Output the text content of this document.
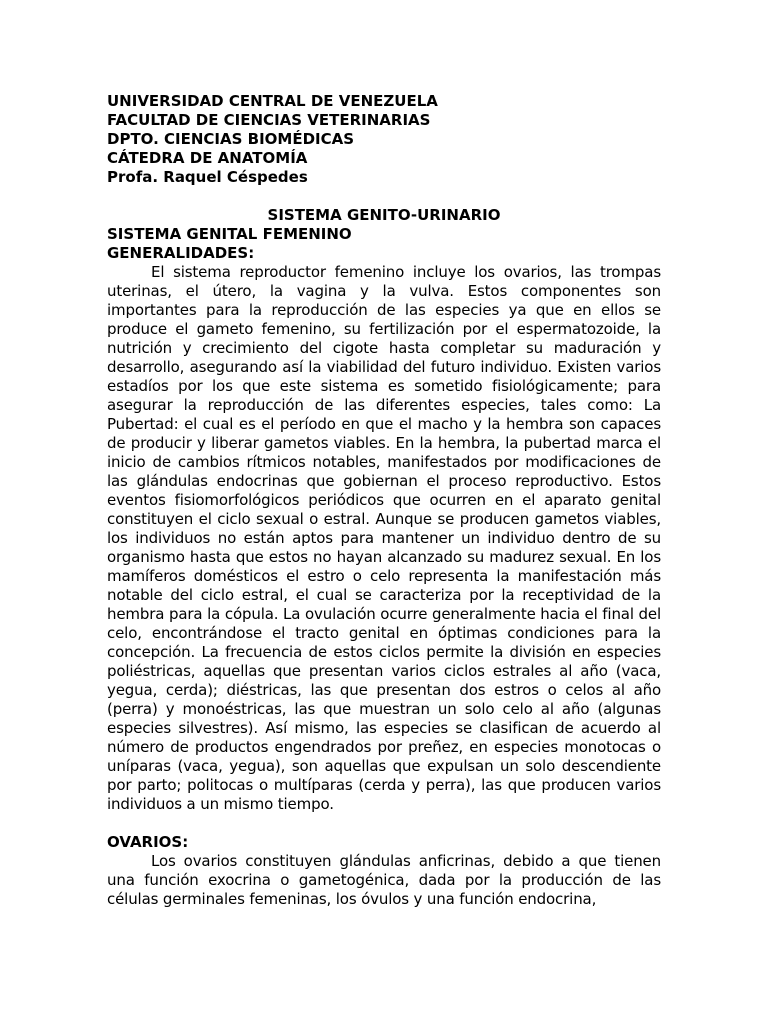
UNIVERSIDAD CENTRAL DE VENEZUELA

FACULTAD DE CIENCIAS VETERINARIAS

DPTO. CIENCIAS BIOMÉDICAS

CÁTEDRA DE ANATOMÍA

Profa. Raquel Céspedes

SISTEMA GENITO-URINARIO

SISTEMA GENITAL FEMENINO

GENERALIDADES:

El sistema reproductor femenino incluye los ovarios, las trompas uterinas, el útero, la vagina y la vulva. Estos componentes son importantes para la reproducción de las especies ya que en ellos se produce el gameto femenino, su fertilización por el espermatozoide, la nutrición y crecimiento del cigote hasta completar su maduración y desarrollo, asegurando así la viabilidad del futuro individuo. Existen varios estadíos por los que este sistema es sometido fisiológicamente; para asegurar la reproducción de las diferentes especies, tales como: La Pubertad: el cual es el período en que el macho y la hembra son capaces de producir y liberar gametos viables. En la hembra, la pubertad marca el inicio de cambios rítmicos notables, manifestados por modificaciones de las glándulas endocrinas que gobiernan el proceso reproductivo. Estos eventos fisiomorfológicos periódicos que ocurren en el aparato genital constituyen el ciclo sexual o estral. Aunque se producen gametos viables, los individuos no están aptos para mantener un individuo dentro de su organismo hasta que estos no hayan alcanzado su madurez sexual. En los mamíferos domésticos el estro o celo representa la manifestación más notable del ciclo estral, el cual se caracteriza por la receptividad de la hembra para la cópula. La ovulación ocurre generalmente hacia el final del celo, encontrándose el tracto genital en óptimas condiciones para la concepción. La frecuencia de estos ciclos permite la división en especies poliéstricas, aquellas que presentan varios ciclos estrales al año (vaca, yegua, cerda); diéstricas, las que presentan dos estros o celos al año (perra) y monoéstricas, las que muestran un solo celo al año (algunas especies silvestres). Así mismo, las especies se clasifican de acuerdo al número de productos engendrados por preñez, en especies monotocas o uníparas (vaca, yegua), son aquellas que expulsan un solo descendiente por parto; politocas o multíparas (cerda y perra), las que producen varios individuos a un mismo tiempo.

OVARIOS:

Los ovarios constituyen glándulas anficrinas, debido a que tienen una función exocrina o gametogénica, dada por la producción de las células germinales femeninas, los óvulos y una función endocrina,
